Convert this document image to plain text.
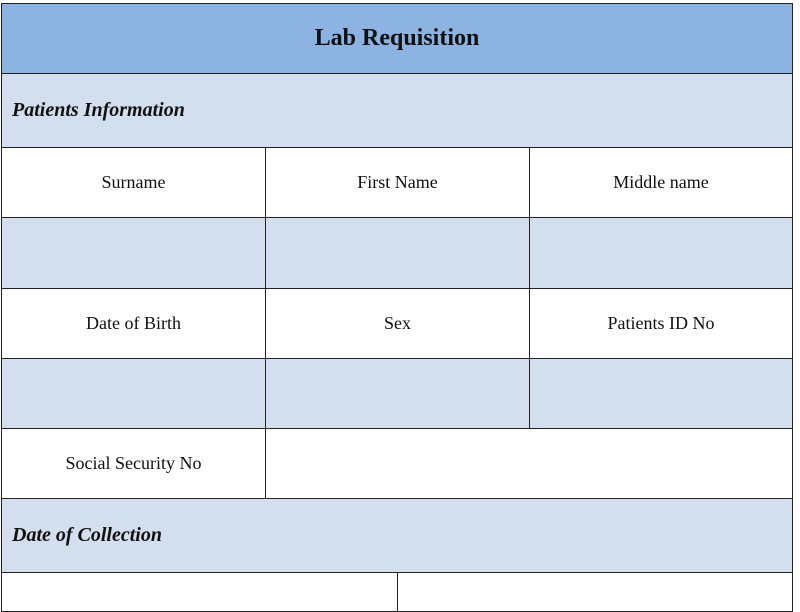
Lab Requisition
Patients Information
Surname	First Name	Middle name
Date of Birth	Sex	Patients ID No
Social Security No
Date of Collection
